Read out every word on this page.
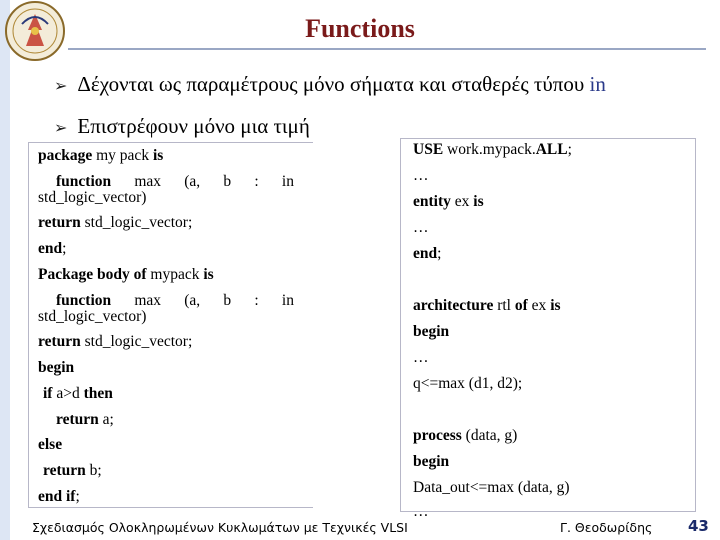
Functions
➢ Δέχονται ως παραμέτρους μόνο σήματα και σταθερές τύπου in
➢ Επιστρέφουν μόνο μια τιμή
package my pack is
function max (a, b : in
std_logic_vector)
return std_logic_vector;
end;
Package body of mypack is
function max (a, b : in
std_logic_vector)
return std_logic_vector;
begin
if a>d then
return a;
else
return b;
end if;
USE work.mypack.ALL;
…
entity ex is
…
end;
architecture rtl of ex is
begin
…
q<=max (d1, d2);
process (data, g)
begin
Data_out<=max (data, g)
…
Σχεδιασμός Ολοκληρωμένων Κυκλωμάτων με Τεχνικές VLSI	Γ. Θεοδωρίδης 43
